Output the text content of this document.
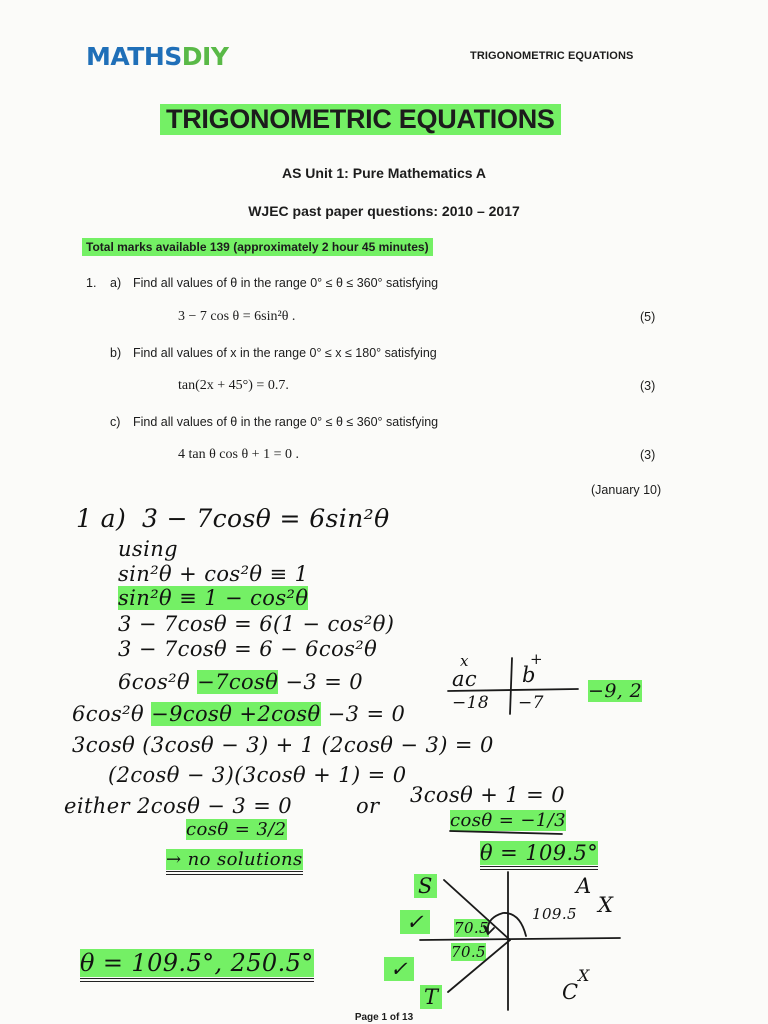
MATHSDIY	TRIGONOMETRIC EQUATIONS
TRIGONOMETRIC EQUATIONS
AS Unit 1: Pure Mathematics A
WJEC past paper questions: 2010 – 2017
Total marks available 139 (approximately 2 hour 45 minutes)
1. a) Find all values of θ in the range 0° ≤ θ ≤ 360° satisfying
3 − 7 cos θ = 6sin²θ .	(5)
b) Find all values of x in the range 0° ≤ x ≤ 180° satisfying
tan(2x + 45°) = 0.7.	(3)
c) Find all values of θ in the range 0° ≤ θ ≤ 360° satisfying
4 tan θ cos θ + 1 = 0 .	(3)
(January 10)
1 a) 3 − 7cosθ = 6sin²θ
using
sin²θ + cos²θ ≡ 1
sin²θ ≡ 1 − cos²θ
3 − 7cosθ = 6(1 − cos²θ)
3 − 7cosθ = 6 − 6cos²θ
6cos²θ −7cosθ −3 = 0
6cos²θ −9cosθ +2cosθ −3 = 0
3cosθ (3cosθ − 3) + 1 (2cosθ − 3) = 0
(2cosθ − 3)(3cosθ + 1) = 0
either 2cosθ − 3 = 0
cosθ = 3/2
→ no solutions
or 3cosθ + 1 = 0
cosθ = −1/3
θ = 109.5°
x	+
ac b
−18 −7
−9, 2
S	A
T	C
109.5
70.5
70.5
✓
✓
X
X
θ = 109.5°, 250.5°
Page 1 of 13
